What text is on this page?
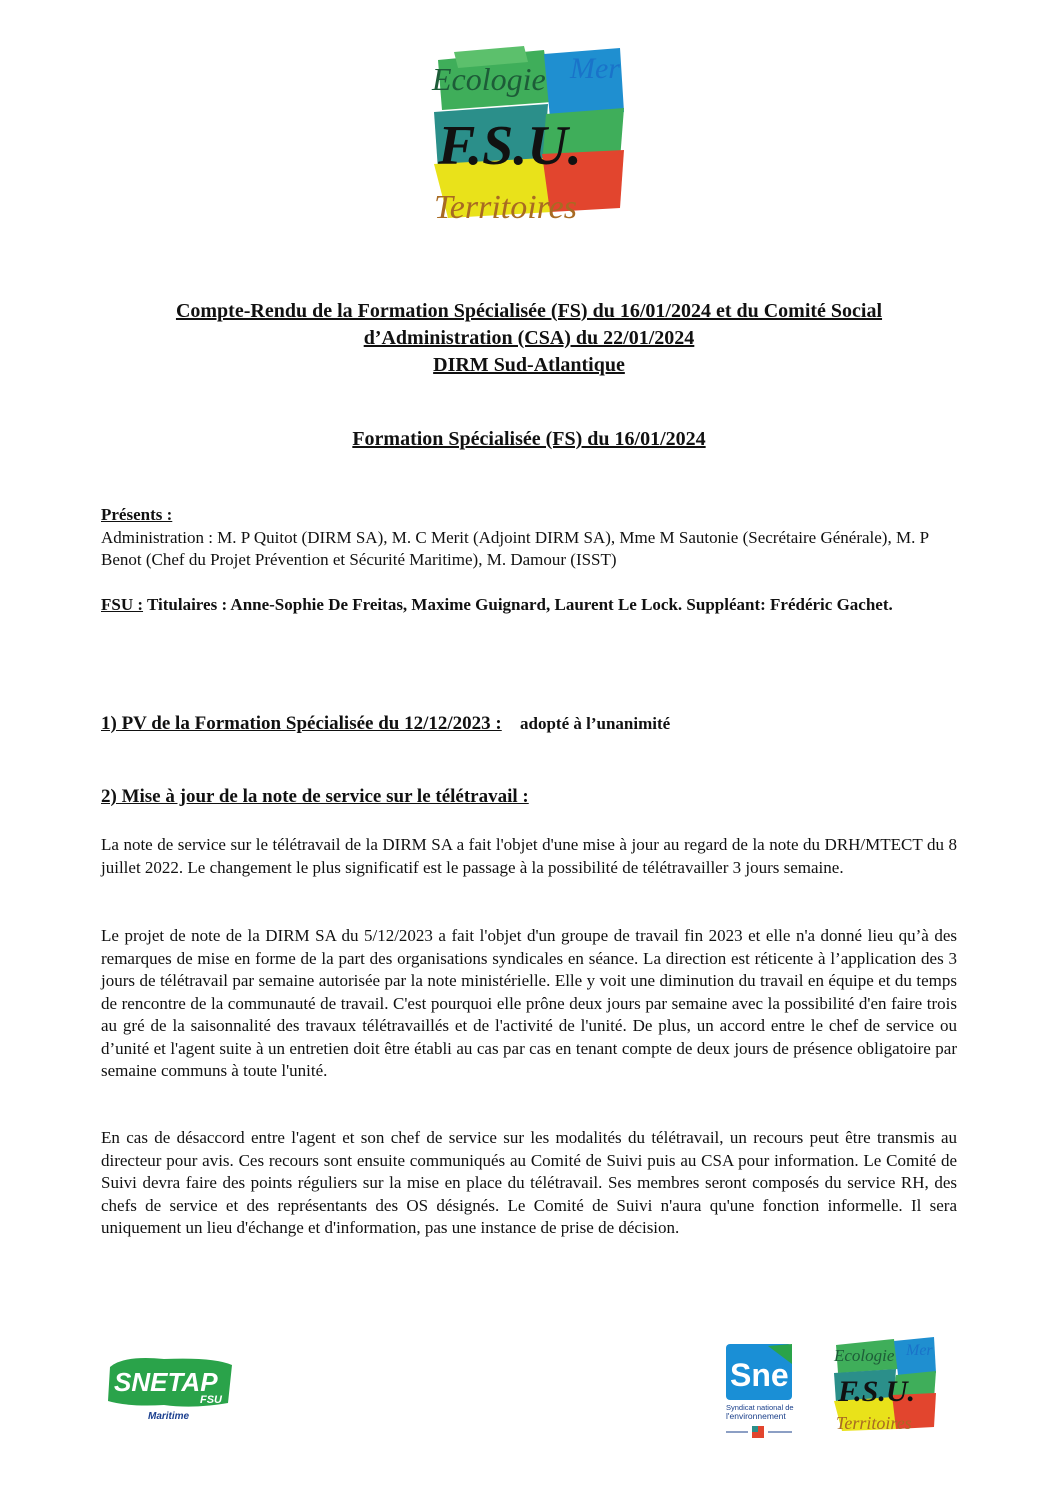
Ecologie Mer
F.S.U.
Territoires
Compte-Rendu de la Formation Spécialisée (FS) du 16/01/2024 et du Comité Social
d’Administration (CSA) du 22/01/2024
DIRM Sud-Atlantique
Formation Spécialisée (FS) du 16/01/2024
Présents :
Administration : M. P Quitot (DIRM SA), M. C Merit (Adjoint DIRM SA), Mme M Sautonie (Secrétaire Générale), M. P Benot (Chef du Projet Prévention et Sécurité Maritime), M. Damour (ISST)
FSU : Titulaires : Anne-Sophie De Freitas, Maxime Guignard, Laurent Le Lock. Suppléant: Frédéric Gachet.
1) PV de la Formation Spécialisée du 12/12/2023 : adopté à l’unanimité
2) Mise à jour de la note de service sur le télétravail :
La note de service sur le télétravail de la DIRM SA a fait l'objet d'une mise à jour au regard de la note du DRH/MTECT du 8 juillet 2022. Le changement le plus significatif est le passage à la possibilité de télétravailler 3 jours semaine.
Le projet de note de la DIRM SA du 5/12/2023 a fait l'objet d'un groupe de travail fin 2023 et elle n'a donné lieu qu’à des remarques de mise en forme de la part des organisations syndicales en séance. La direction est réticente à l’application des 3 jours de télétravail par semaine autorisée par la note ministérielle. Elle y voit une diminution du travail en équipe et du temps de rencontre de la communauté de travail. C'est pourquoi elle prône deux jours par semaine avec la possibilité d'en faire trois au gré de la saisonnalité des travaux télétravaillés et de l'activité de l'unité. De plus, un accord entre le chef de service ou d’unité et l'agent suite à un entretien doit être établi au cas par cas en tenant compte de deux jours de présence obligatoire par semaine communs à toute l'unité.
En cas de désaccord entre l'agent et son chef de service sur les modalités du télétravail, un recours peut être transmis au directeur pour avis. Ces recours sont ensuite communiqués au Comité de Suivi puis au CSA pour information. Le Comité de Suivi devra faire des points réguliers sur la mise en place du télétravail. Ses membres seront composés du service RH, des chefs de service et des représentants des OS désignés. Le Comité de Suivi n'aura qu'une fonction informelle. Il sera uniquement un lieu d'échange et d'information, pas une instance de prise de décision.
SNETAP
FSU
Maritime
Sne
Syndicat national de
l'environnement
Ecologie Mer
F.S.U.
Territoires
